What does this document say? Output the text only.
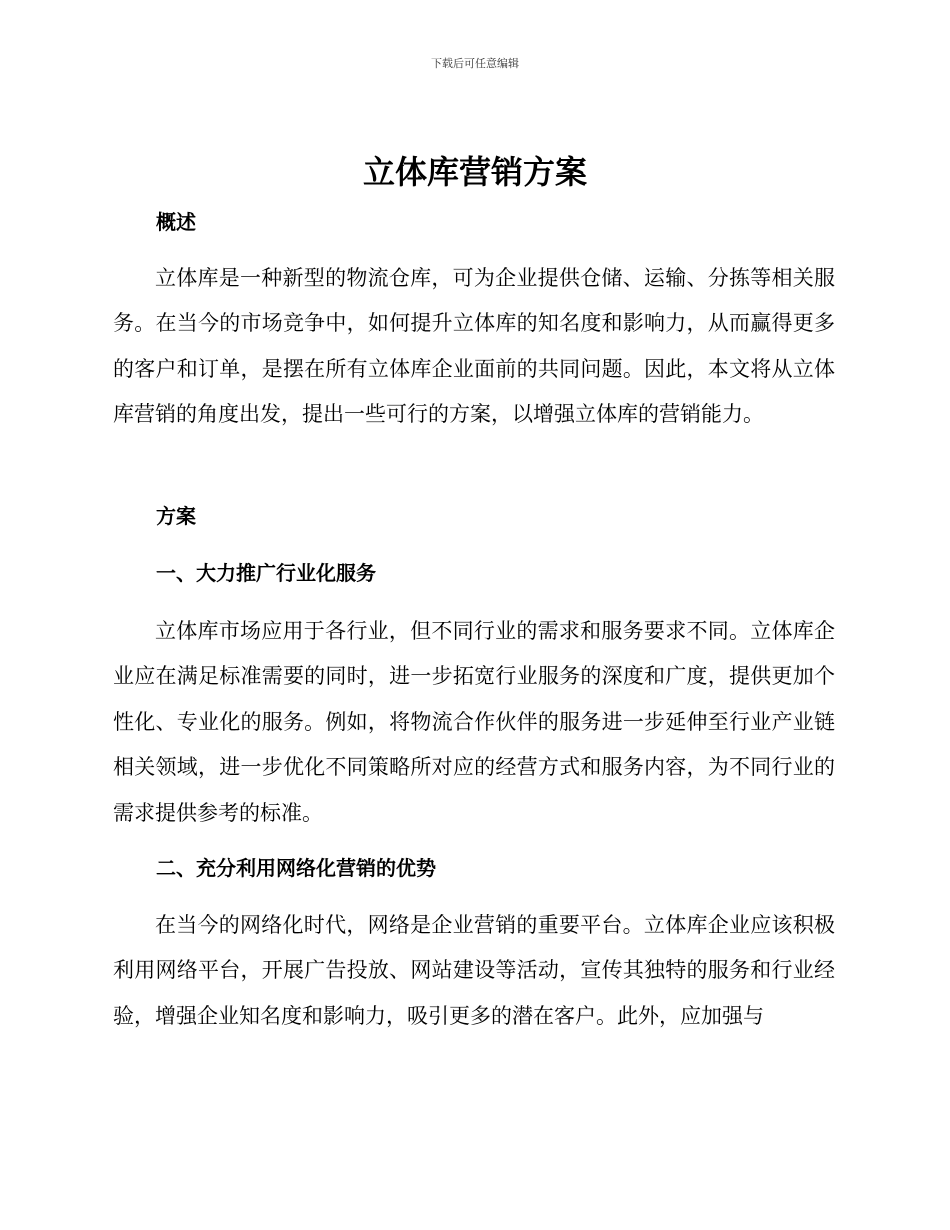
下载后可任意编辑
立体库营销方案
概述
立体库是一种新型的物流仓库，可为企业提供仓储、运输、分拣等相关服务。在当今的市场竞争中，如何提升立体库的知名度和影响力，从而赢得更多的客户和订单，是摆在所有立体库企业面前的共同问题。因此，本文将从立体库营销的角度出发，提出一些可行的方案，以增强立体库的营销能力。
方案
一、大力推广行业化服务
立体库市场应用于各行业，但不同行业的需求和服务要求不同。立体库企业应在满足标准需要的同时，进一步拓宽行业服务的深度和广度，提供更加个性化、专业化的服务。例如，将物流合作伙伴的服务进一步延伸至行业产业链相关领域，进一步优化不同策略所对应的经营方式和服务内容，为不同行业的需求提供参考的标准。
二、充分利用网络化营销的优势
在当今的网络化时代，网络是企业营销的重要平台。立体库企业应该积极利用网络平台，开展广告投放、网站建设等活动，宣传其独特的服务和行业经验，增强企业知名度和影响力，吸引更多的潜在客户。此外，应加强与
